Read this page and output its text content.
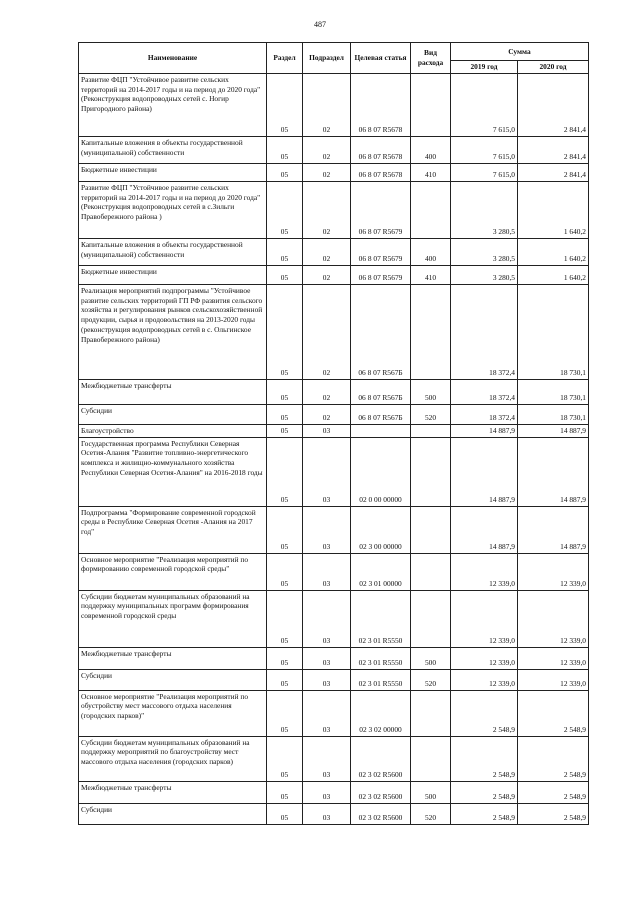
487
Наименование	Раздел	Подраздел	Целевая статья	Вид расхода	Сумма	
					2019 год	2020 год
Развитие ФЦП "Устойчивое развитие сельских территорий на 2014-2017 годы и на период до 2020 года" (Реконструкция водопроводных сетей с. Ногир Пригородного района)	05	02	06 8 07 R5678		7 615,0	2 841,4
Капитальные вложения в объекты государственной (муниципальной) собственности	05	02	06 8 07 R5678	400	7 615,0	2 841,4
Бюджетные инвестиции	05	02	06 8 07 R5678	410	7 615,0	2 841,4
Развитие ФЦП "Устойчивое развитие сельских территорий на 2014-2017 годы и на период до 2020 года" (Реконструкция водопроводных сетей в с.Зильги Правобережного района )	05	02	06 8 07 R5679		3 280,5	1 640,2
Капитальные вложения в объекты государственной (муниципальной) собственности	05	02	06 8 07 R5679	400	3 280,5	1 640,2
Бюджетные инвестиции	05	02	06 8 07 R5679	410	3 280,5	1 640,2
Реализация мероприятий подпрограммы "Устойчивое развитие сельских территорий ГП РФ развития сельского хозяйства и регулирования рынков сельскохозяйственной продукции, сырья и продовольствия на 2013-2020 годы (реконструкция водопроводных сетей в с. Ольгинское Правобережного района)	05	02	06 8 07 R567Б		18 372,4	18 730,1
Межбюджетные трансферты	05	02	06 8 07 R567Б	500	18 372,4	18 730,1
Субсидии	05	02	06 8 07 R567Б	520	18 372,4	18 730,1
Благоустройство	05	03			14 887,9	14 887,9
Государственная программа Республики Северная Осетия-Алания "Развитие топливно-энергетического комплекса и жилищно-коммунального хозяйства Республики Северная Осетия-Алания" на 2016-2018 годы	05	03	02 0 00 00000		14 887,9	14 887,9
Подпрограмма "Формирование современной городской среды в Республике Северная Осетия -Алания на 2017 год"	05	03	02 3 00 00000		14 887,9	14 887,9
Основное мероприятие "Реализация мероприятий по формированию современной городской среды"	05	03	02 3 01 00000		12 339,0	12 339,0
Субсидии бюджетам муниципальных образований на поддержку муниципальных программ формирования современной городской среды	05	03	02 3 01 R5550		12 339,0	12 339,0
Межбюджетные трансферты	05	03	02 3 01 R5550	500	12 339,0	12 339,0
Субсидии	05	03	02 3 01 R5550	520	12 339,0	12 339,0
Основное мероприятие "Реализация мероприятий по обустройству мест массового отдыха населения (городских парков)"	05	03	02 3 02 00000		2 548,9	2 548,9
Субсидии бюджетам муниципальных образований на поддержку мероприятий по благоустройству мест массового отдыха населения (городских парков)	05	03	02 3 02 R5600		2 548,9	2 548,9
Межбюджетные трансферты	05	03	02 3 02 R5600	500	2 548,9	2 548,9
Субсидии	05	03	02 3 02 R5600	520	2 548,9	2 548,9
